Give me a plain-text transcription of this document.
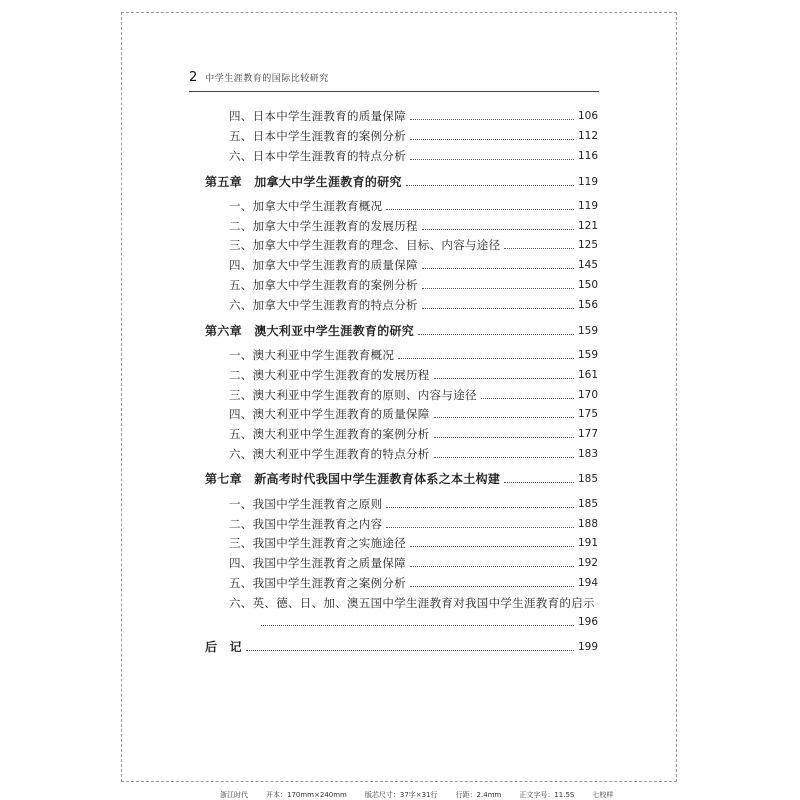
2 中学生涯教育的国际比较研究
四、日本中学生涯教育的质量保障	106
五、日本中学生涯教育的案例分析	112
六、日本中学生涯教育的特点分析	116
第五章　加拿大中学生涯教育的研究	119
一、加拿大中学生涯教育概况	119
二、加拿大中学生涯教育的发展历程	121
三、加拿大中学生涯教育的理念、目标、内容与途径	125
四、加拿大中学生涯教育的质量保障	145
五、加拿大中学生涯教育的案例分析	150
六、加拿大中学生涯教育的特点分析	156
第六章　澳大利亚中学生涯教育的研究	159
一、澳大利亚中学生涯教育概况	159
二、澳大利亚中学生涯教育的发展历程	161
三、澳大利亚中学生涯教育的原则、内容与途径	170
四、澳大利亚中学生涯教育的质量保障	175
五、澳大利亚中学生涯教育的案例分析	177
六、澳大利亚中学生涯教育的特点分析	183
第七章　新高考时代我国中学生涯教育体系之本土构建	185
一、我国中学生涯教育之原则	185
二、我国中学生涯教育之内容	188
三、我国中学生涯教育之实施途径	191
四、我国中学生涯教育之质量保障	192
五、我国中学生涯教育之案例分析	194
六、英、德、日、加、澳五国中学生涯教育对我国中学生涯教育的启示
196
后　记	199
浙江时代	开本：170mm×240mm	版芯尺寸：37字×31行	行距：2.4mm	正文字号：11.5S	七校样
